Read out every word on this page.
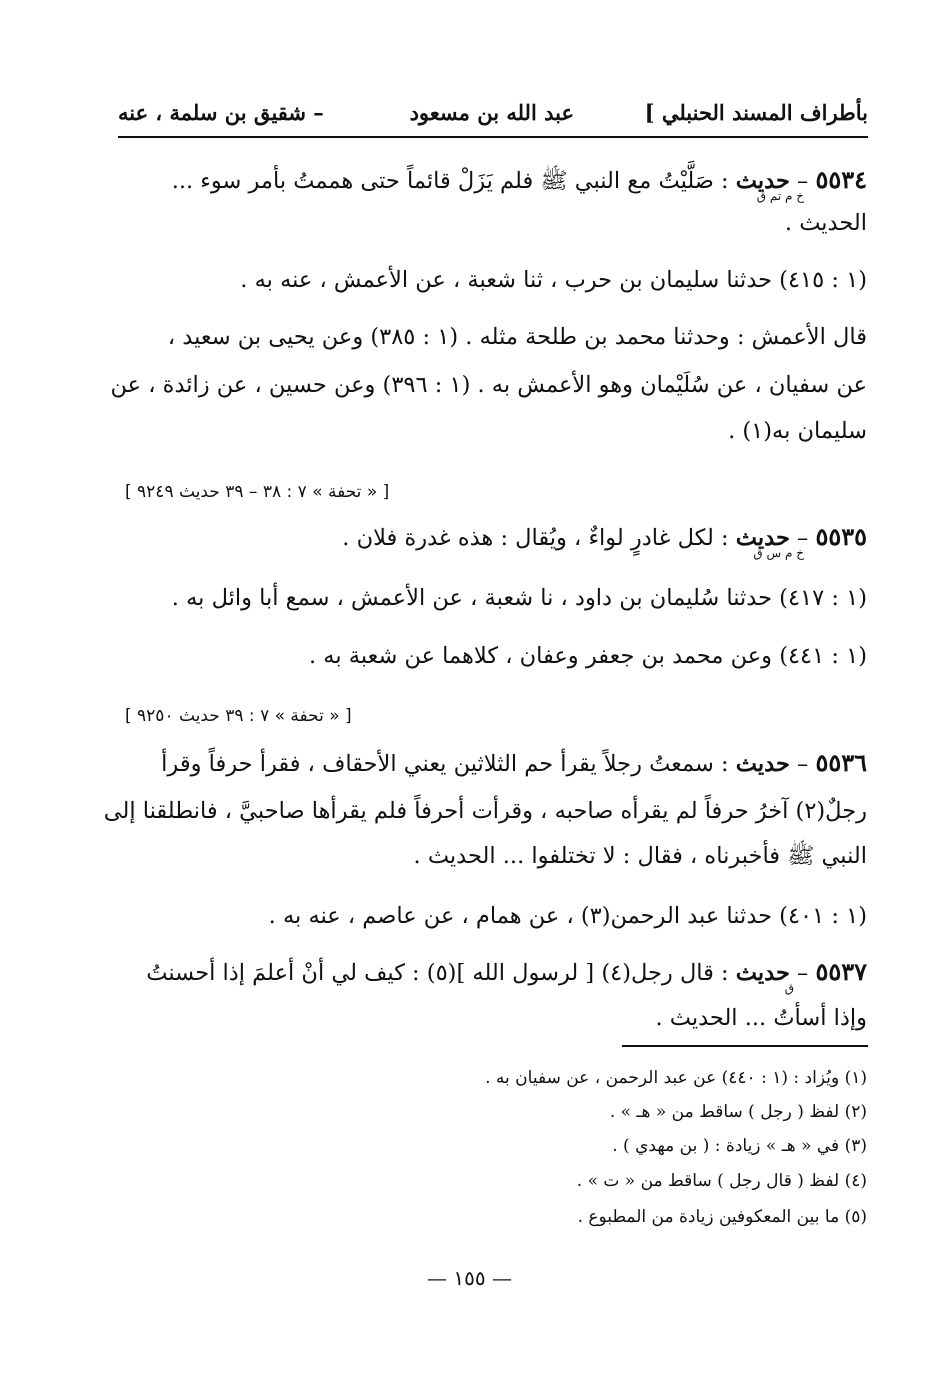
بأطراف المسند الحنبلي ]
عبد الله بن مسعود
– شقيق بن سلمة ، عنه
٥٥٣٤ – حديث : صَلَّيْتُ مع النبي ﷺ فلم يَزَلْ قائماً حتى هممتُ بأمر سوء ...
خ م تم ق
الحديث .
(١ : ٤١٥) حدثنا سليمان بن حرب ، ثنا شعبة ، عن الأعمش ، عنه به .
قال الأعمش : وحدثنا محمد بن طلحة مثله . (١ : ٣٨٥) وعن يحيى بن سعيد ،
عن سفيان ، عن سُلَيْمان وهو الأعمش به . (١ : ٣٩٦) وعن حسين ، عن زائدة ، عن
سليمان به(١) .
[ « تحفة » ٧ : ٣٨ – ٣٩ حديث ٩٢٤٩ ]
٥٥٣٥ – حديث : لكل غادرٍ لواءٌ ، ويُقال : هذه غدرة فلان .
خ م س ق
(١ : ٤١٧) حدثنا سُليمان بن داود ، نا شعبة ، عن الأعمش ، سمع أبا وائل به .
(١ : ٤٤١) وعن محمد بن جعفر وعفان ، كلاهما عن شعبة به .
[ « تحفة » ٧ : ٣٩ حديث ٩٢٥٠ ]
٥٥٣٦ – حديث : سمعتُ رجلاً يقرأ حم الثلاثين يعني الأحقاف ، فقرأ حرفاً وقرأ
رجلٌ(٢) آخرُ حرفاً لم يقرأه صاحبه ، وقرأت أحرفاً فلم يقرأها صاحبيَّ ، فانطلقنا إلى
النبي ﷺ فأخبرناه ، فقال : لا تختلفوا ... الحديث .
(١ : ٤٠١) حدثنا عبد الرحمن(٣) ، عن همام ، عن عاصم ، عنه به .
٥٥٣٧ – حديث : قال رجل(٤) [ لرسول الله ](٥) : كيف لي أنْ أعلمَ إذا أحسنتُ
ق
وإذا أسأتُ ... الحديث .
(١) ويُزاد : (١ : ٤٤٠) عن عبد الرحمن ، عن سفيان به .
(٢) لفظ ( رجل ) ساقط من « هـ » .
(٣) في « هـ » زيادة : ( بن مهدي ) .
(٤) لفظ ( قال رجل ) ساقط من « ت » .
(٥) ما بين المعكوفين زيادة من المطبوع .
— ١٥٥ —
